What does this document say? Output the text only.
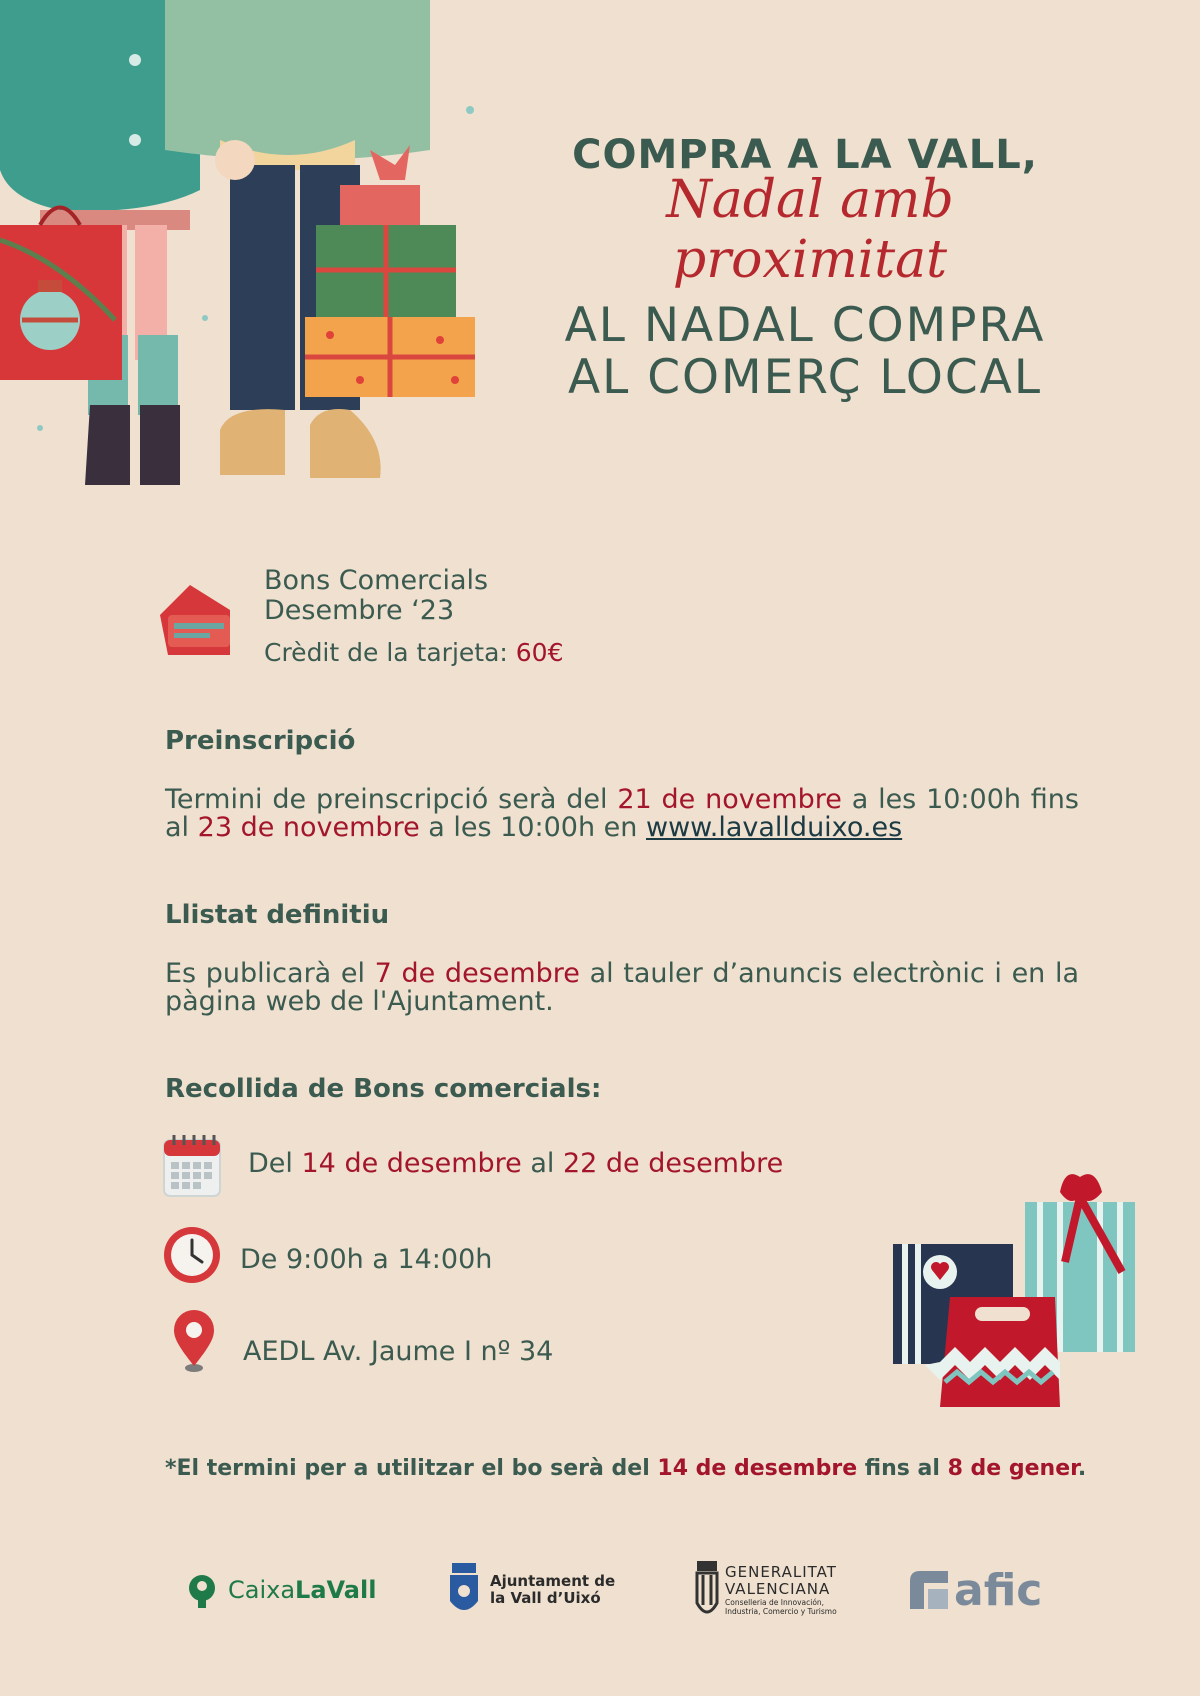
COMPRA A LA VALL,
Nadal amb proximitat
AL NADAL COMPRA
AL COMERÇ LOCAL
Bons Comercials
Desembre ‘23
Crèdit de la tarjeta: 60€
Preinscripció
Termini de preinscripció serà del 21 de novembre a les 10:00h fins al 23 de novembre a les 10:00h en www.lavallduixo.es
Llistat definitiu
Es publicarà el 7 de desembre al tauler d’anuncis electrònic i en la pàgina web de l'Ajuntament.
Recollida de Bons comercials:
Del 14 de desembre al 22 de desembre
De 9:00h a 14:00h
AEDL Av. Jaume I nº 34
*El termini per a utilitzar el bo serà del 14 de desembre fins al 8 de gener.
Caixa LaVall	Ajuntament de
la Vall d’Uixó
GENERALITAT
VALENCIANA
Conselleria de Innovación,
Industria, Comercio y Turismo	afic
